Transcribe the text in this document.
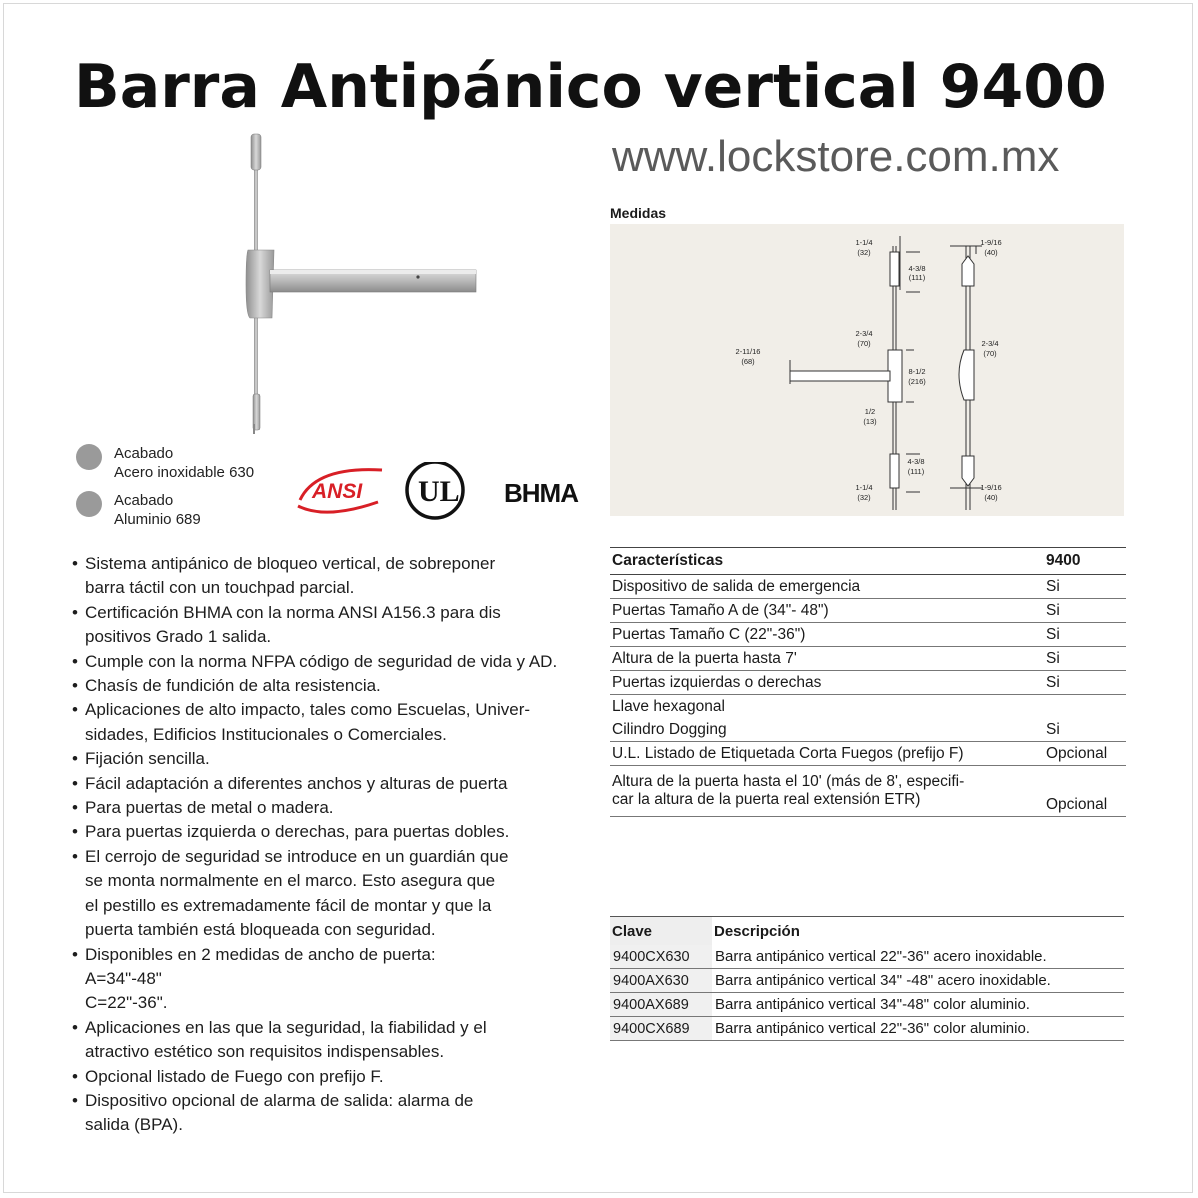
Barra Antipánico vertical 9400
www.lockstore.com.mx
Acabado
Acero inoxidable 630
Acabado
Aluminio 689
ANSI UL BHMA
Medidas
1-1/4
(32)
4-3/8
(111)
1-9/16
(40)
2-3/4
(70)
2-11/16
(68)
8-1/2
(216)
2-3/4
(70)
1/2
(13)
4-3/8
(111)
1-1/4
(32)
1-9/16
(40)
• Sistema antipánico de bloqueo vertical, de sobreponer
barra táctil con un touchpad parcial.
• Certificación BHMA con la norma ANSI A156.3 para dis
positivos Grado 1 salida.
• Cumple con la norma NFPA código de seguridad de vida y AD.
• Chasís de fundición de alta resistencia.
• Aplicaciones de alto impacto, tales como Escuelas, Univer-
sidades, Edificios Institucionales o Comerciales.
• Fijación sencilla.
• Fácil adaptación a diferentes anchos y alturas de puerta
• Para puertas de metal o madera.
• Para puertas izquierda o derechas, para puertas dobles.
• El cerrojo de seguridad se introduce en un guardián que
se monta normalmente en el marco. Esto asegura que
el pestillo es extremadamente fácil de montar y que la
puerta también está bloqueada con seguridad.
• Disponibles en 2 medidas de ancho de puerta:
A=34"-48"
C=22"-36".
• Aplicaciones en las que la seguridad, la fiabilidad y el
atractivo estético son requisitos indispensables.
• Opcional listado de Fuego con prefijo F.
• Dispositivo opcional de alarma de salida: alarma de
salida (BPA).
Características	9400
Dispositivo de salida de emergencia	Si
Puertas Tamaño A de (34"- 48")	Si
Puertas Tamaño C (22"-36")	Si
Altura de la puerta hasta 7'	Si
Puertas izquierdas o derechas	Si
Llave hexagonal	
Cilindro Dogging	Si
U.L. Listado de Etiquetada Corta Fuegos (prefijo F)	Opcional

Altura de la puerta hasta el 10' (más de 8', especifi-
car la altura de la puerta real extensión ETR)	Opcional
Clave	Descripción
9400CX630	Barra antipánico vertical 22"-36" acero inoxidable.
9400AX630	Barra antipánico vertical 34" -48" acero inoxidable.
9400AX689	Barra antipánico vertical 34"-48" color aluminio.
9400CX689	Barra antipánico vertical 22"-36" color aluminio.
